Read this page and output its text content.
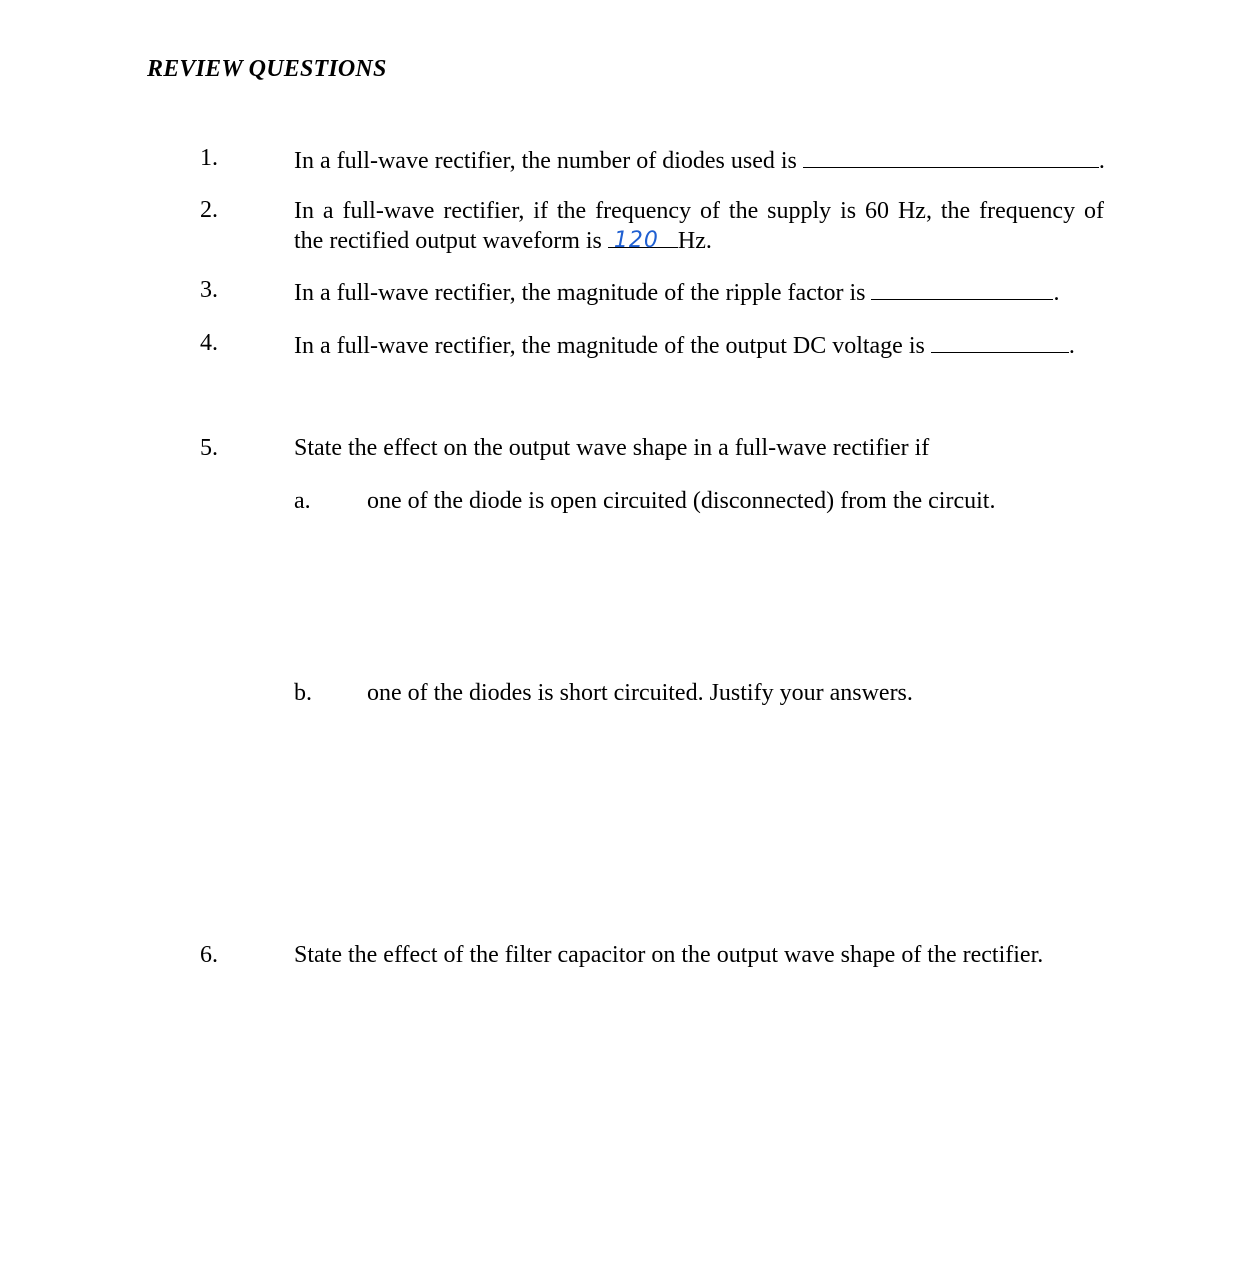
REVIEW QUESTIONS
1.	In a full-wave rectifier, the number of diodes used is	.
2.	In a full-wave rectifier, if the frequency of the supply is 60 Hz, the frequency of
the rectified output waveform is 120 Hz.
3.	In a full-wave rectifier, the magnitude of the ripple factor is	.
4.	In a full-wave rectifier, the magnitude of the output DC voltage is	.
5.	State the effect on the output wave shape in a full-wave rectifier if
a. one of the diode is open circuited (disconnected) from the circuit.
b. one of the diodes is short circuited. Justify your answers.
6.	State the effect of the filter capacitor on the output wave shape of the rectifier.
